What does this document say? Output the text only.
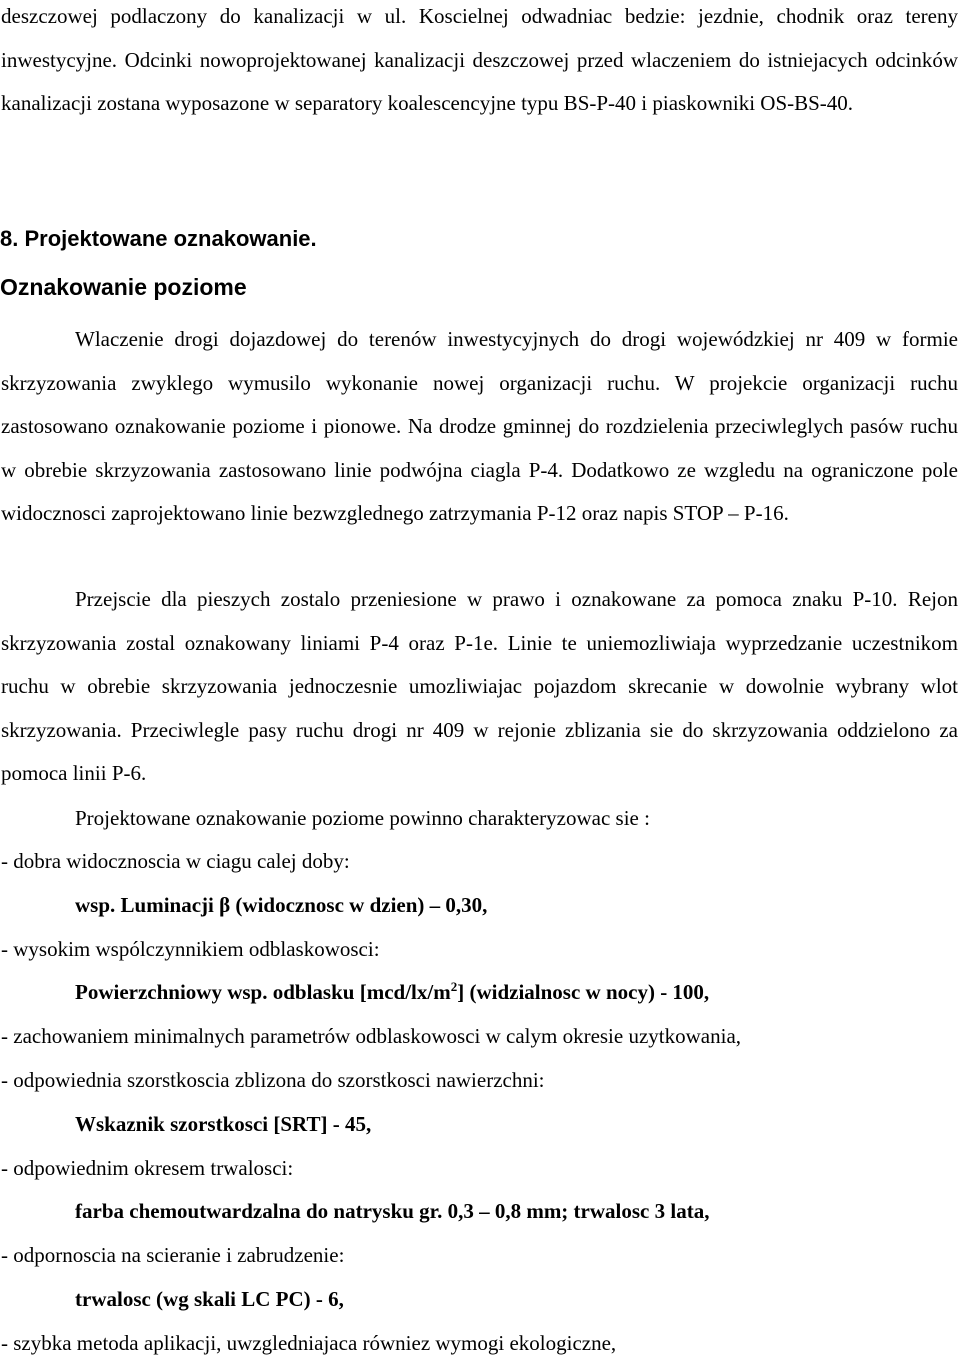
deszczowej podlaczony do kanalizacji w ul. Koscielnej odwadniac bedzie: jezdnie, chodnik oraz tereny inwestycyjne. Odcinki nowoprojektowanej kanalizacji deszczowej przed wlaczeniem do istniejacych odcinków kanalizacji zostana wyposazone w separatory koalescencyjne typu BS-P-40 i piaskowniki OS-BS-40.

8. Projektowane oznakowanie.
Oznakowanie poziome

Wlaczenie drogi dojazdowej do terenów inwestycyjnych do drogi wojewódzkiej nr 409 w formie skrzyzowania zwyklego wymusilo wykonanie nowej organizacji ruchu. W projekcie organizacji ruchu zastosowano oznakowanie poziome i pionowe. Na drodze gminnej do rozdzielenia przeciwleglych pasów ruchu w obrebie skrzyzowania zastosowano linie podwójna ciagla P-4. Dodatkowo ze wzgledu na ograniczone pole widocznosci zaprojektowano linie bezwzglednego zatrzymania P-12 oraz napis STOP – P-16.

Przejscie dla pieszych zostalo przeniesione w prawo i oznakowane za pomoca znaku P-10. Rejon skrzyzowania zostal oznakowany liniami P-4 oraz P-1e. Linie te uniemozliwiaja wyprzedzanie uczestnikom ruchu w obrebie skrzyzowania jednoczesnie umozliwiajac pojazdom skrecanie w dowolnie wybrany wlot skrzyzowania. Przeciwlegle pasy ruchu drogi nr 409 w rejonie zblizania sie do skrzyzowania oddzielono za pomoca linii P-6.

Projektowane oznakowanie poziome powinno charakteryzowac sie :

- dobra widocznoscia w ciagu calej doby:

wsp. Luminacji β (widocznosc w dzien) – 0,30,

- wysokim wspólczynnikiem odblaskowosci:

Powierzchniowy wsp. odblasku $[mcd/lx/m^2]$ (widzialnosc w nocy) - 100,

- zachowaniem minimalnych parametrów odblaskowosci w calym okresie uzytkowania,

- odpowiednia szorstkoscia zblizona do szorstkosci nawierzchni:

Wskaznik szorstkosci [SRT] - 45,

- odpowiednim okresem trwalosci:

farba chemoutwardzalna do natrysku gr. 0,3 – 0,8 mm; trwalosc 3 lata,

- odpornoscia na scieranie i zabrudzenie:

trwalosc (wg skali LC PC) - 6,

- szybka metoda aplikacji, uwzgledniajaca równiez wymogi ekologiczne,
